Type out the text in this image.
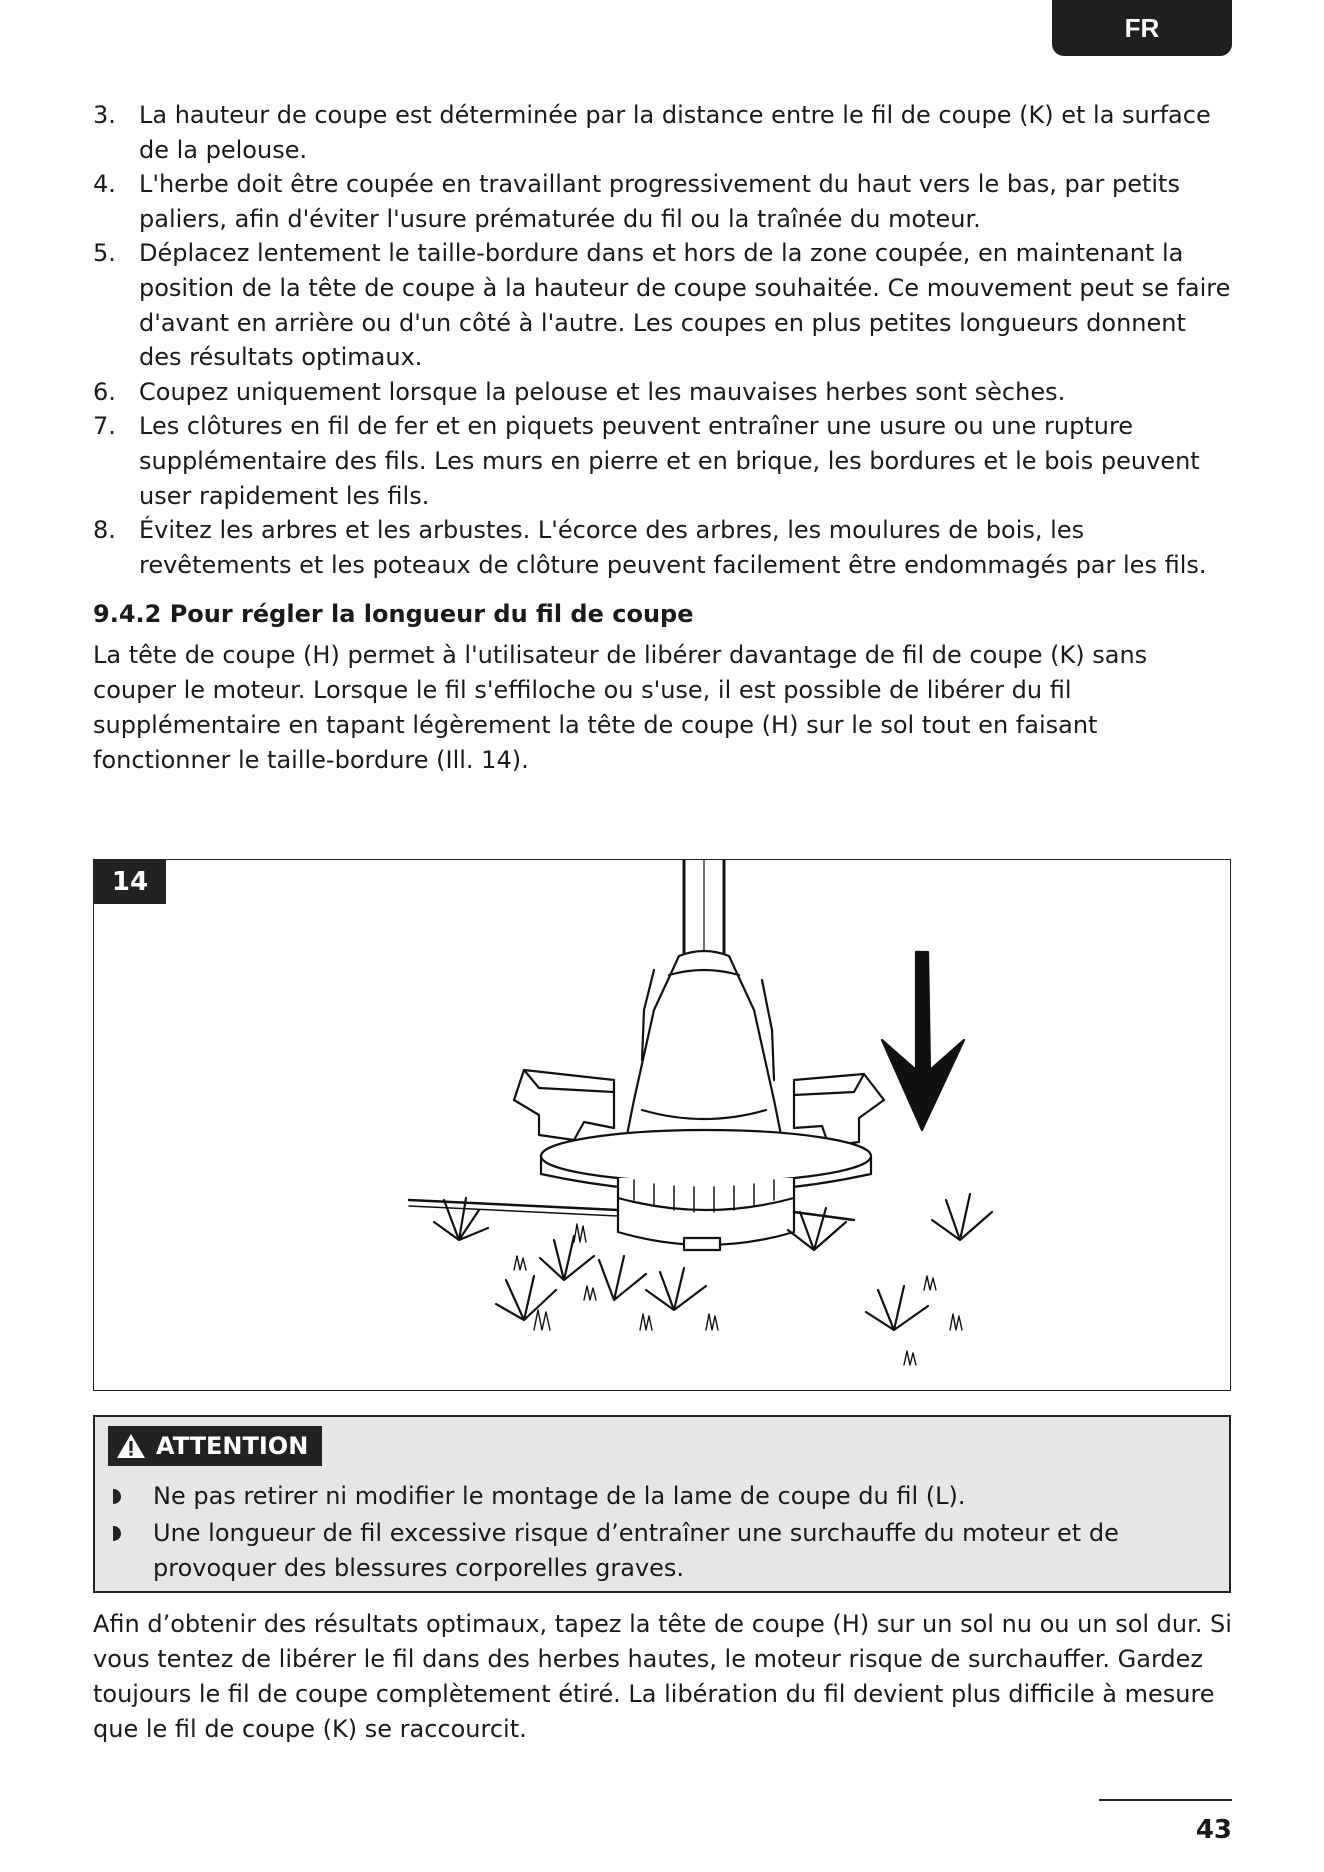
FR
3. La hauteur de coupe est déterminée par la distance entre le fil de coupe (K) et la surface de la pelouse.
4. L'herbe doit être coupée en travaillant progressivement du haut vers le bas, par petits paliers, afin d'éviter l'usure prématurée du fil ou la traînée du moteur.
5. Déplacez lentement le taille-bordure dans et hors de la zone coupée, en maintenant la position de la tête de coupe à la hauteur de coupe souhaitée. Ce mouvement peut se faire d'avant en arrière ou d'un côté à l'autre. Les coupes en plus petites longueurs donnent des résultats optimaux.
6. Coupez uniquement lorsque la pelouse et les mauvaises herbes sont sèches.
7. Les clôtures en fil de fer et en piquets peuvent entraîner une usure ou une rupture supplémentaire des fils. Les murs en pierre et en brique, les bordures et le bois peuvent user rapidement les fils.
8. Évitez les arbres et les arbustes. L'écorce des arbres, les moulures de bois, les revêtements et les poteaux de clôture peuvent facilement être endommagés par les fils.
9.4.2 Pour régler la longueur du fil de coupe

La tête de coupe (H) permet à l'utilisateur de libérer davantage de fil de coupe (K) sans couper le moteur. Lorsque le fil s'effiloche ou s'use, il est possible de libérer du fil supplémentaire en tapant légèrement la tête de coupe (H) sur le sol tout en faisant fonctionner le taille-bordure (Ill. 14).

14
ATTENTION
Ne pas retirer ni modifier le montage de la lame de coupe du fil (L).
Une longueur de fil excessive risque d’entraîner une surchauffe du moteur et de provoquer des blessures corporelles graves.

Afin d’obtenir des résultats optimaux, tapez la tête de coupe (H) sur un sol nu ou un sol dur. Si vous tentez de libérer le fil dans des herbes hautes, le moteur risque de surchauffer. Gardez toujours le fil de coupe complètement étiré. La libération du fil devient plus difficile à mesure que le fil de coupe (K) se raccourcit.

43
